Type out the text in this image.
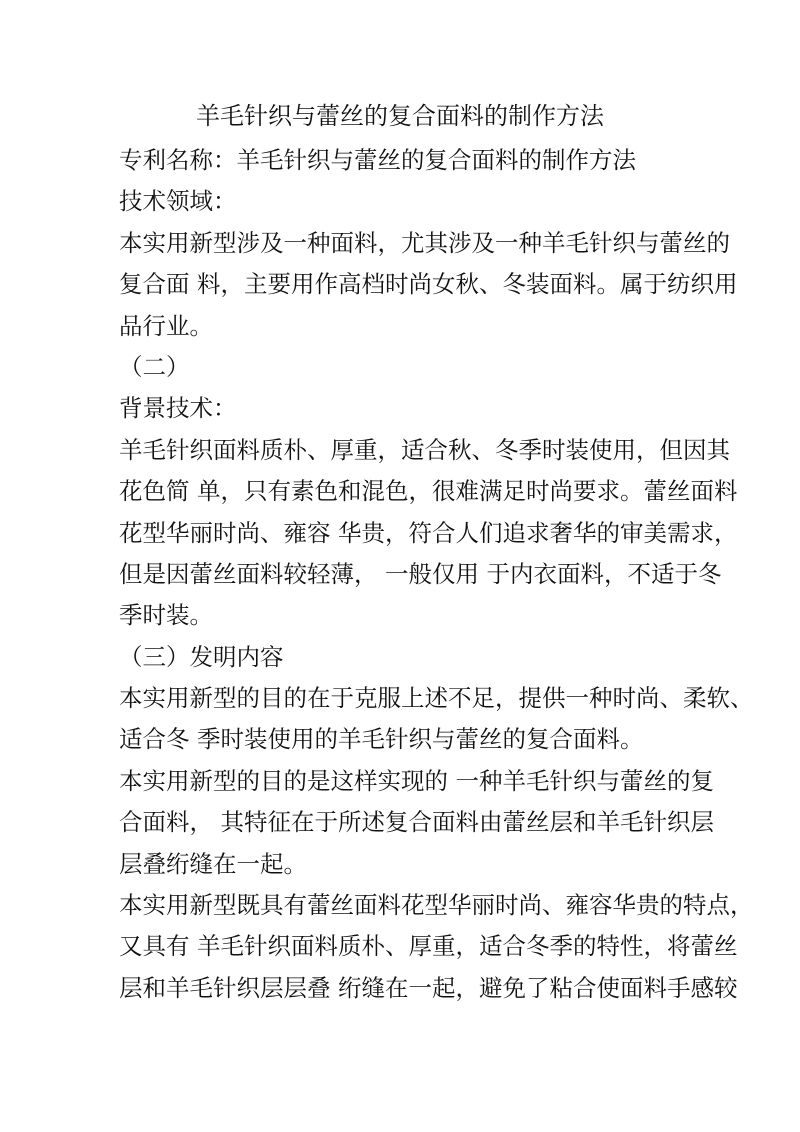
羊毛针织与蕾丝的复合面料的制作方法
专利名称：羊毛针织与蕾丝的复合面料的制作方法
技术领域：
本实用新型涉及一种面料，尤其涉及一种羊毛针织与蕾丝的
复合面 料，主要用作高档时尚女秋、冬装面料。属于纺织用
品行业。
（二）
背景技术：
羊毛针织面料质朴、厚重，适合秋、冬季时装使用，但因其
花色简 单，只有素色和混色，很难满足时尚要求。蕾丝面料
花型华丽时尚、雍容 华贵，符合人们追求奢华的审美需求，
但是因蕾丝面料较轻薄， 一般仅用 于内衣面料，不适于冬
季时装。
（三）发明内容
本实用新型的目的在于克服上述不足，提供一种时尚、柔软、
适合冬 季时装使用的羊毛针织与蕾丝的复合面料。
本实用新型的目的是这样实现的 一种羊毛针织与蕾丝的复
合面料， 其特征在于所述复合面料由蕾丝层和羊毛针织层
层叠绗缝在一起。
本实用新型既具有蕾丝面料花型华丽时尚、雍容华贵的特点，
又具有 羊毛针织面料质朴、厚重，适合冬季的特性，将蕾丝
层和羊毛针织层层叠 绗缝在一起，避免了粘合使面料手感较
